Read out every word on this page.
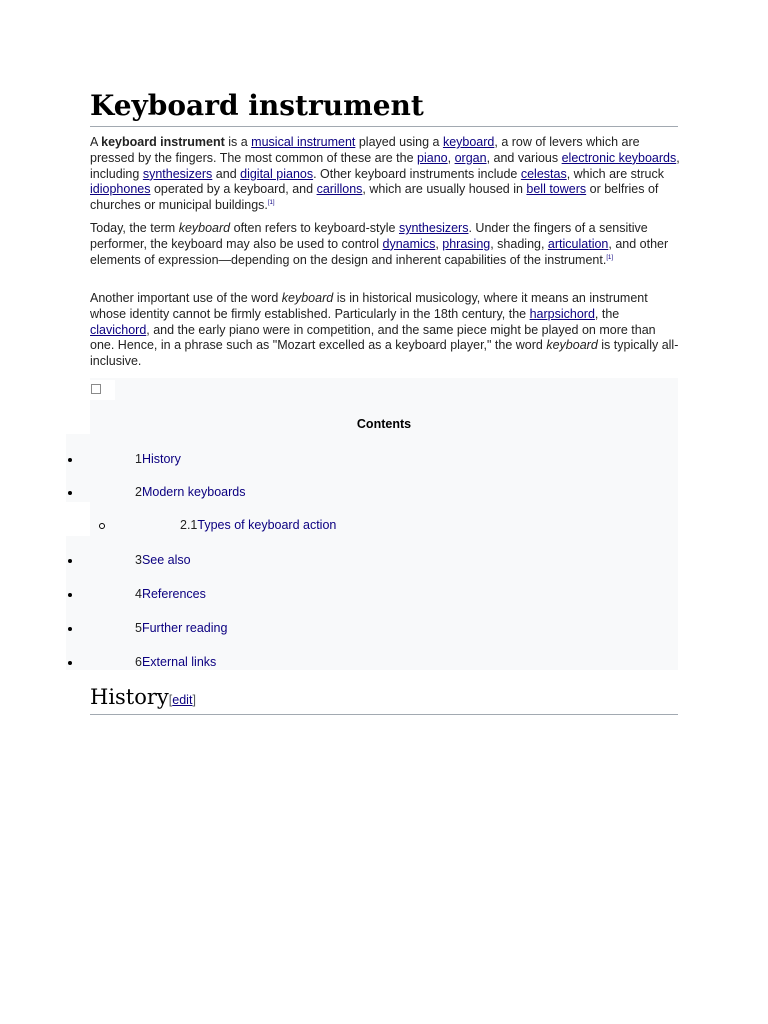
Keyboard instrument

A keyboard instrument is a musical instrument played using a keyboard, a row of levers which are pressed by the fingers. The most common of these are the piano, organ, and various electronic keyboards, including synthesizers and digital pianos. Other keyboard instruments include celestas, which are struck idiophones operated by a keyboard, and carillons, which are usually housed in bell towers or belfries of churches or municipal buildings.[1]

Today, the term keyboard often refers to keyboard-style synthesizers. Under the fingers of a sensitive performer, the keyboard may also be used to control dynamics, phrasing, shading, articulation, and other elements of expression—depending on the design and inherent capabilities of the instrument.[1]

Another important use of the word keyboard is in historical musicology, where it means an instrument whose identity cannot be firmly established. Particularly in the 18th century, the harpsichord, the clavichord, and the early piano were in competition, and the same piece might be played on more than one. Hence, in a phrase such as "Mozart excelled as a keyboard player," the word keyboard is typically all-inclusive.

Contents
1History
2Modern keyboards
2.1Types of keyboard action
3See also
4References
5Further reading
6External links
History[edit]
